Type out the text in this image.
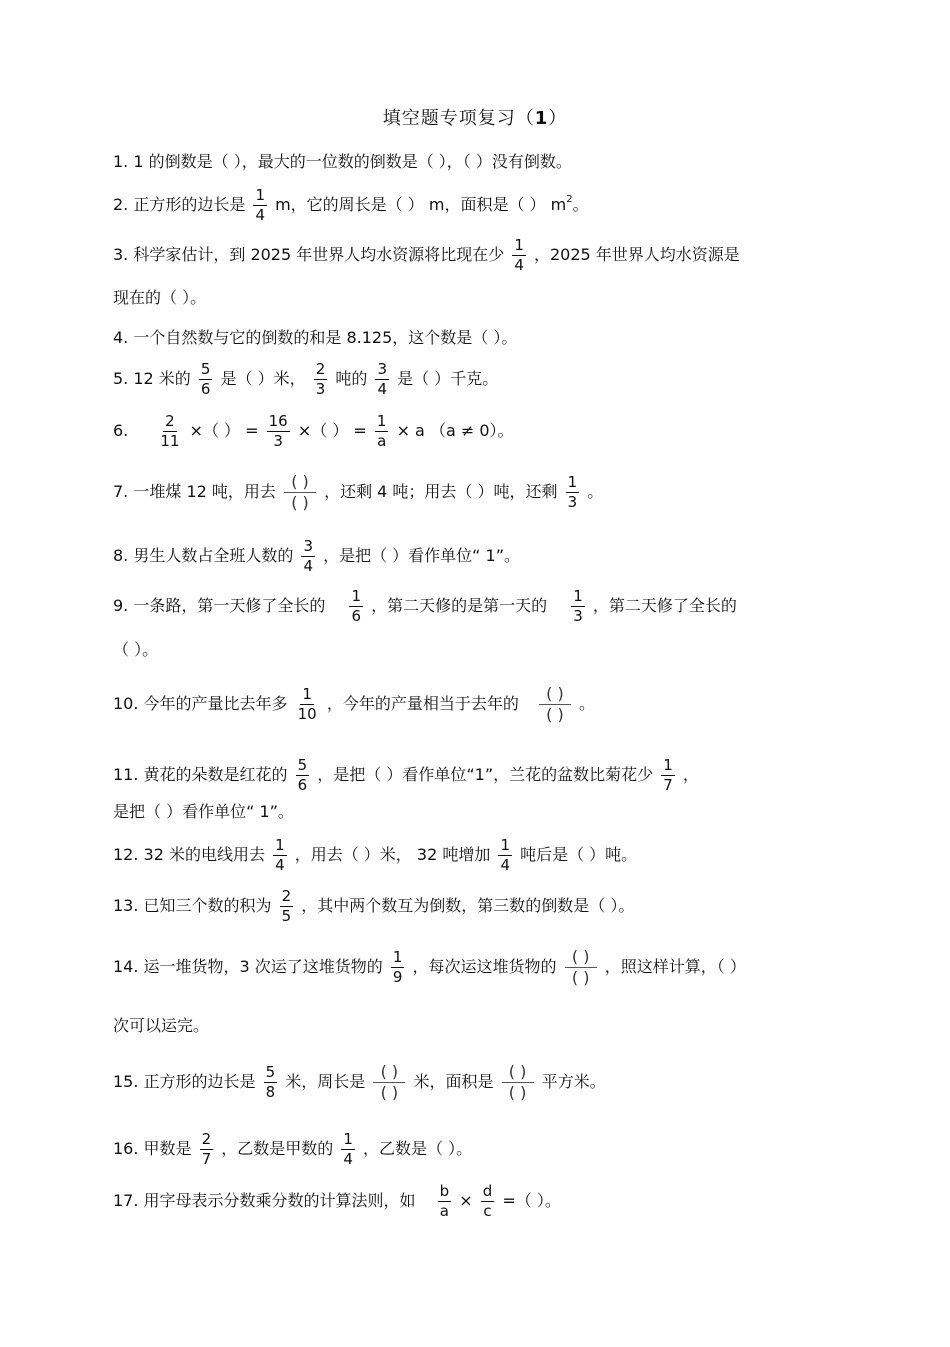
填空题专项复习（1）
1. 1 的倒数是（ ），最大的一位数的倒数是（ ），（ ）没有倒数。
2. 正方形的边长是 $\frac{1}{4}$ m，它的周长是（ ） m，面积是（ ） $m^2$。
3. 科学家估计，到 2025 年世界人均水资源将比现在少 $\frac{1}{4}$ ，2025 年世界人均水资源是
现在的（ ）。
4. 一个自然数与它的倒数的和是 8.125，这个数是（ ）。
5. 12 米的 $\frac{5}{6}$ 是（ ）米， $\frac{2}{3}$ 吨的 $\frac{3}{4}$ 是（ ）千克。
6. $\frac{2}{11}$ ×（ ） = $\frac{16}{3}$ ×（ ） = $\frac{1}{a} \times a$ （a ≠ 0）。
7. 一堆煤 12 吨，用去
( )
( )
，还剩 4 吨；用去（ ）吨，还剩 $\frac{1}{3}$ 。
8. 男生人数占全班人数的 $\frac{3}{4}$ ，是把（ ）看作单位“ 1”。
9. 一条路，第一天修了全长的 $\frac{1}{6}$ ，第二天修的是第一天的 $\frac{1}{3}$ ，第二天修了全长的
（ ）。
10. 今年的产量比去年多 $\frac{1}{10}$ ，今年的产量相当于去年的
( )
( )
。
11. 黄花的朵数是红花的 $\frac{5}{6}$ ，是把（ ）看作单位“1”，兰花的盆数比菊花少 $\frac{1}{7}$ ，
是把（ ）看作单位“ 1”。
12. 32 米的电线用去 $\frac{1}{4}$ ，用去（ ）米， 32 吨增加 $\frac{1}{4}$ 吨后是（ ）吨。
13. 已知三个数的积为 $\frac{2}{5}$ ，其中两个数互为倒数，第三数的倒数是（ ）。
14. 运一堆货物，3 次运了这堆货物的 $\frac{1}{9}$ ，每次运这堆货物的
( )
( )
，照这样计算，（ ）
次可以运完。
15. 正方形的边长是 $\frac{5}{8}$ 米，周长是
( )
( )
米，面积是
( )
( )
平方米。
16. 甲数是 $\frac{2}{7}$ ，乙数是甲数的 $\frac{1}{4}$ ，乙数是（ ）。
17. 用字母表示分数乘分数的计算法则，如 $\frac{b}{a} \times \frac{d}{c}$ =（ ）。
